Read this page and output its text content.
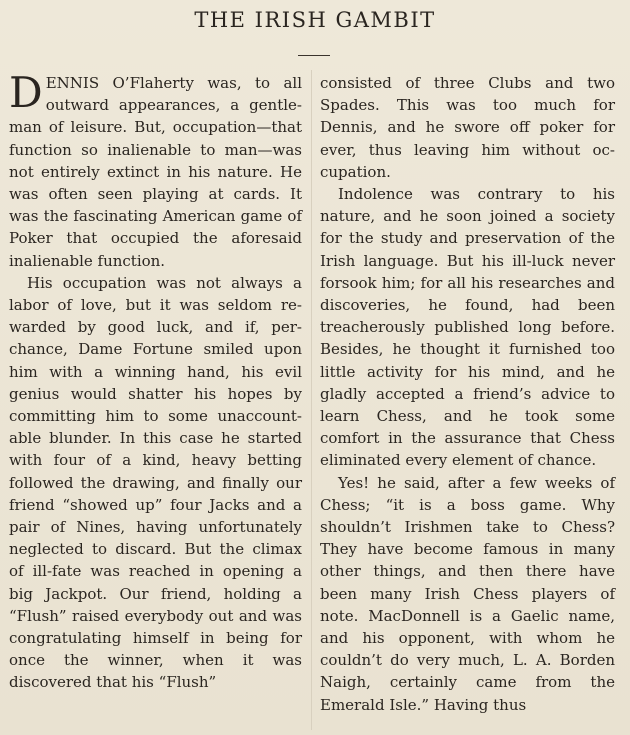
THE IRISH GAMBIT

DENNIS O’Flaherty was, to all outward appearances, a gentleman of leisure. But, occupation—that function so inalienable to man—was not entirely extinct in his nature. He was often seen playing at cards. It was the fascinating American game of Poker that occupied the aforesaid inalienable function.

His occupation was not always a labor of love, but it was seldom rewarded by good luck, and if, perchance, Dame Fortune smiled upon him with a winning hand, his evil genius would shatter his hopes by committing him to some unaccountable blunder. In this case he started with four of a kind, heavy betting followed the drawing, and finally our friend “showed up” four Jacks and a pair of Nines, having unfortunately neglected to discard. But the climax of ill-fate was reached in opening a big Jackpot. Our friend, holding a “Flush” raised everybody out and was congratulating himself in being for once the winner, when it was discovered that his “Flush”

consisted of three Clubs and two Spades. This was too much for Dennis, and he swore off poker for ever, thus leaving him without occupation.

Indolence was contrary to his nature, and he soon joined a society for the study and preservation of the Irish language. But his ill-luck never forsook him; for all his researches and discoveries, he found, had been treacherously published long before. Besides, he thought it furnished too little activity for his mind, and he gladly accepted a friend’s advice to learn Chess, and he took some comfort in the assurance that Chess eliminated every element of chance.

Yes! he said, after a few weeks of Chess; “it is a boss game. Why shouldn’t Irishmen take to Chess? They have become famous in many other things, and then there have been many Irish Chess players of note. MacDonnell is a Gaelic name, and his opponent, with whom he couldn’t do very much, L. A. Borden Naigh, certainly came from the Emerald Isle.” Having thus
